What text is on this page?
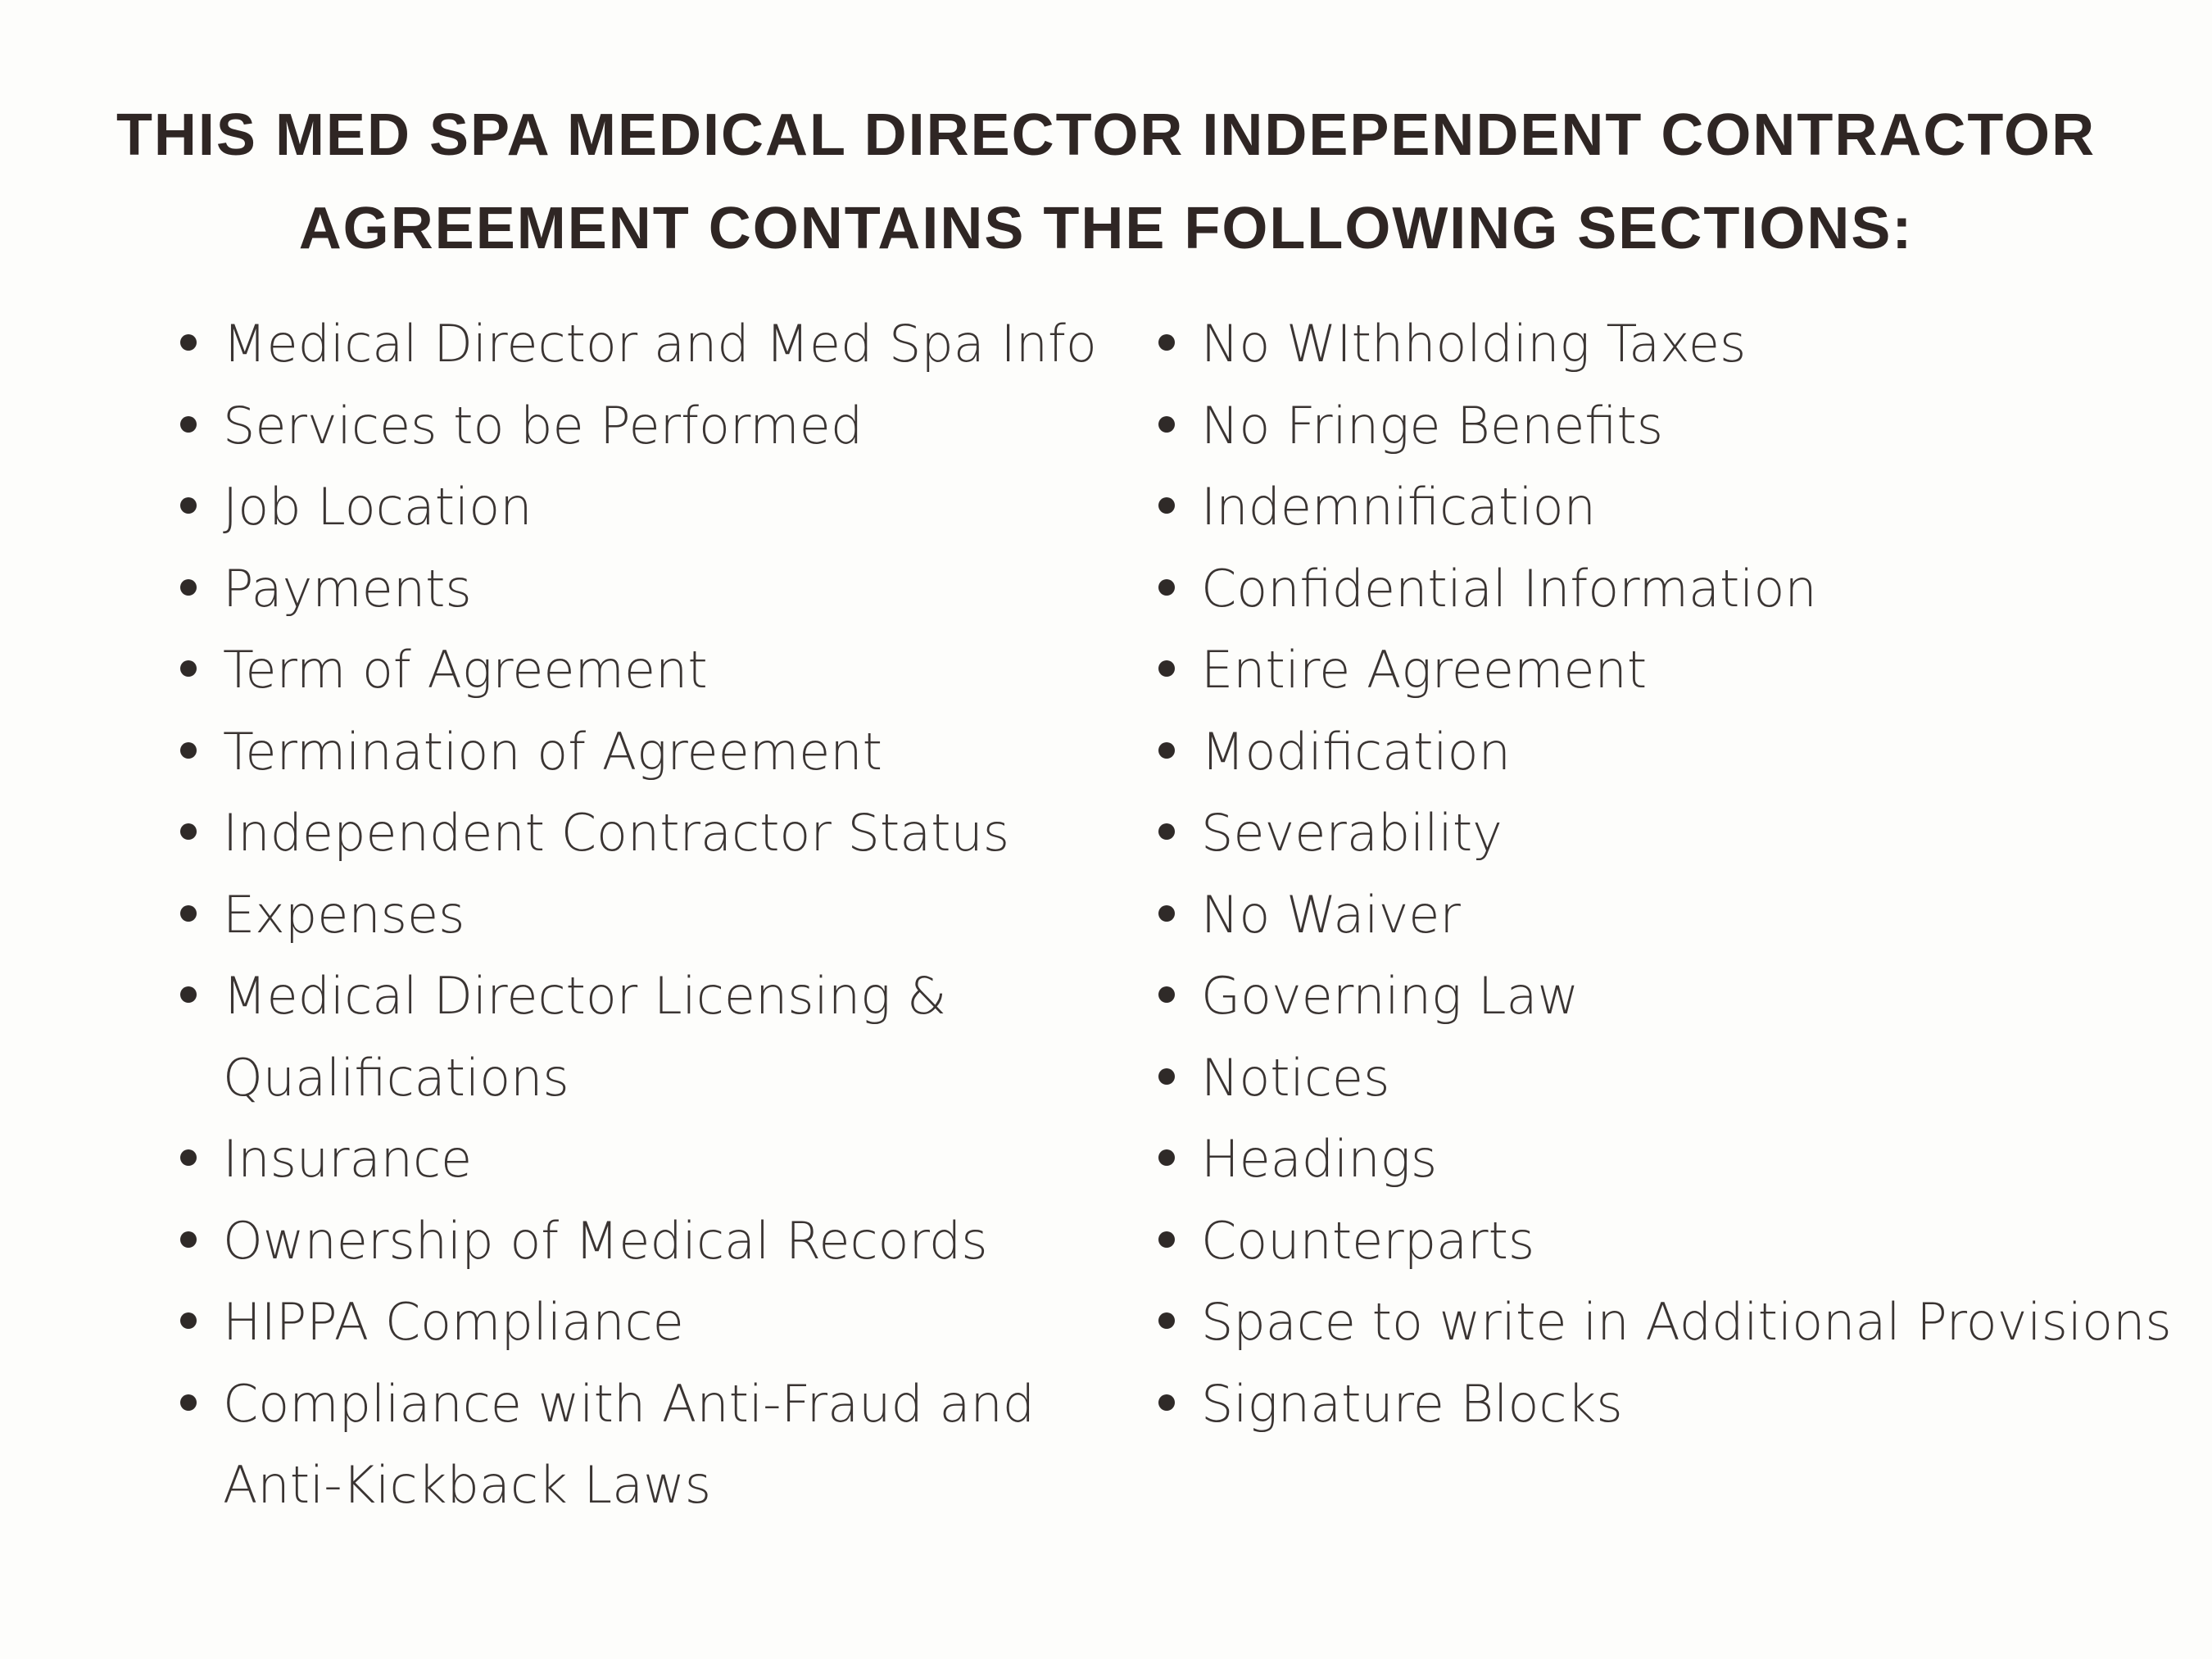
THIS MED SPA MEDICAL DIRECTOR INDEPENDENT CONTRACTOR
AGREEMENT CONTAINS THE FOLLOWING SECTIONS:
Medical Director and Med Spa Info
Services to be Performed
Job Location
Payments
Term of Agreement
Termination of Agreement
Independent Contractor Status
Expenses
Medical Director Licensing & Qualifications
Insurance
Ownership of Medical Records
HIPPA Compliance
Compliance with Anti-Fraud and Anti-Kickback Laws
No WIthholding Taxes
No Fringe Benefits
Indemnification
Confidential Information
Entire Agreement
Modification
Severability
No Waiver
Governing Law
Notices
Headings
Counterparts
Space to write in Additional Provisions
Signature Blocks
